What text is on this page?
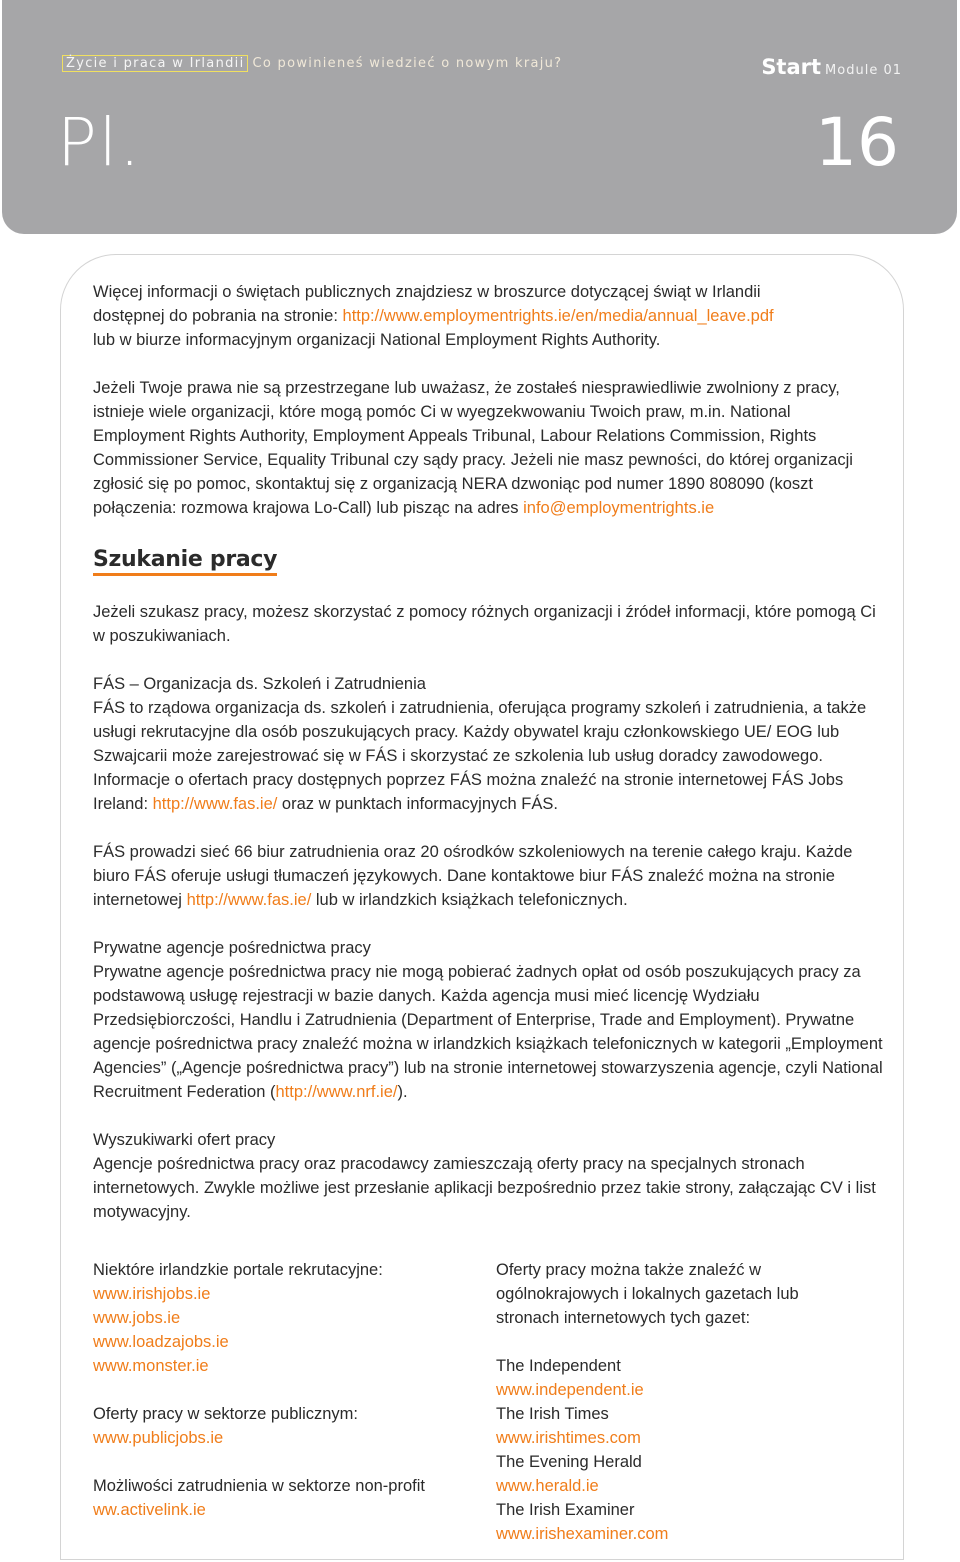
Życie i praca w Irlandii Co powinieneś wiedzieć o nowym kraju?	Start Module 01
Pl.	16

Więcej informacji o świętach publicznych znajdziesz w broszurce dotyczącej świąt w Irlandii
dostępnej do pobrania na stronie: http://www.employmentrights.ie/en/media/annual_leave.pdf
lub w biurze informacyjnym organizacji National Employment Rights Authority.

Jeżeli Twoje prawa nie są przestrzegane lub uważasz, że zostałeś niesprawiedliwie zwolniony z pracy, istnieje wiele organizacji, które mogą pomóc Ci w wyegzekwowaniu Twoich praw, m.in. National Employment Rights Authority, Employment Appeals Tribunal, Labour Relations Commission, Rights Commissioner Service, Equality Tribunal czy sądy pracy. Jeżeli nie masz pewności, do której organizacji zgłosić się po pomoc, skontaktuj się z organizacją NERA dzwoniąc pod numer 1890 808090 (koszt połączenia: rozmowa krajowa Lo-Call) lub pisząc na adres info@employmentrights.ie

Szukanie pracy

Jeżeli szukasz pracy, możesz skorzystać z pomocy różnych organizacji i źródeł informacji, które pomogą Ci w poszukiwaniach.

FÁS – Organizacja ds. Szkoleń i Zatrudnienia
FÁS to rządowa organizacja ds. szkoleń i zatrudnienia, oferująca programy szkoleń i zatrudnienia, a także usługi rekrutacyjne dla osób poszukujących pracy. Każdy obywatel kraju członkowskiego UE/ EOG lub Szwajcarii może zarejestrować się w FÁS i skorzystać ze szkolenia lub usług doradcy zawodowego. Informacje o ofertach pracy dostępnych poprzez FÁS można znaleźć na stronie internetowej FÁS Jobs Ireland: http://www.fas.ie/ oraz w punktach informacyjnych FÁS.

FÁS prowadzi sieć 66 biur zatrudnienia oraz 20 ośrodków szkoleniowych na terenie całego kraju. Każde biuro FÁS oferuje usługi tłumaczeń językowych. Dane kontaktowe biur FÁS znaleźć można na stronie internetowej http://www.fas.ie/ lub w irlandzkich książkach telefonicznych.

Prywatne agencje pośrednictwa pracy
Prywatne agencje pośrednictwa pracy nie mogą pobierać żadnych opłat od osób poszukujących pracy za podstawową usługę rejestracji w bazie danych. Każda agencja musi mieć licencję Wydziału Przedsiębiorczości, Handlu i Zatrudnienia (Department of Enterprise, Trade and Employment). Prywatne agencje pośrednictwa pracy znaleźć można w irlandzkich książkach telefonicznych w kategorii „Employment Agencies” („Agencje pośrednictwa pracy”) lub na stronie internetowej stowarzyszenia agencje, czyli National Recruitment Federation (http://www.nrf.ie/).

Wyszukiwarki ofert pracy
Agencje pośrednictwa pracy oraz pracodawcy zamieszczają oferty pracy na specjalnych stronach internetowych. Zwykle możliwe jest przesłanie aplikacji bezpośrednio przez takie strony, załączając CV i list motywacyjny.

Niektóre irlandzkie portale rekrutacyjne:
www.irishjobs.ie
www.jobs.ie
www.loadzajobs.ie
www.monster.ie
Oferty pracy w sektorze publicznym:
www.publicjobs.ie
Możliwości zatrudnienia w sektorze non-profit
ww.activelink.ie
Oferty pracy można także znaleźć w
ogólnokrajowych i lokalnych gazetach lub
stronach internetowych tych gazet:
The Independent
www.independent.ie
The Irish Times
www.irishtimes.com
The Evening Herald
www.herald.ie
The Irish Examiner
www.irishexaminer.com
